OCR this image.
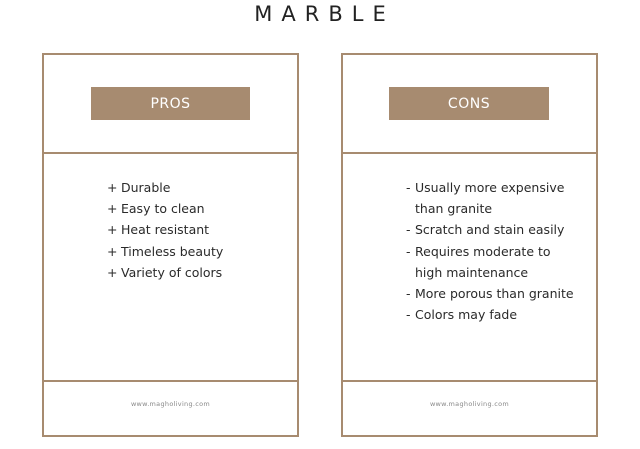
MARBLE
PROS
+ Durable
+ Easy to clean
+ Heat resistant
+ Timeless beauty
+ Variety of colors
www.magholiving.com
CONS
- Usually more expensive than granite
- Scratch and stain easily
- Requires moderate to high maintenance
- More porous than granite
- Colors may fade
www.magholiving.com
